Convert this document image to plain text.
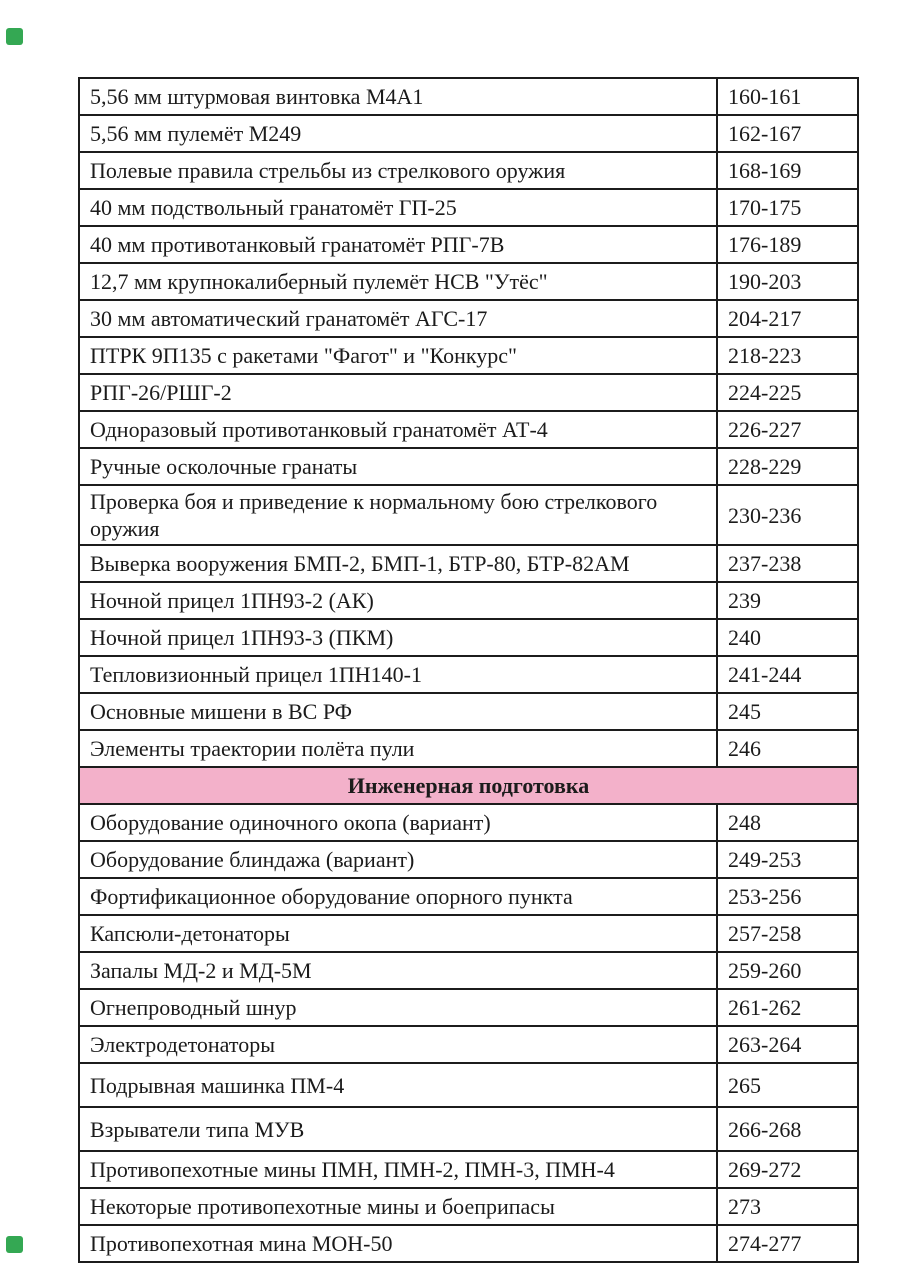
5,56 мм штурмовая винтовка M4A1	160-161
5,56 мм пулемёт M249	162-167
Полевые правила стрельбы из стрелкового оружия	168-169
40 мм подствольный гранатомёт ГП-25	170-175
40 мм противотанковый гранатомёт РПГ-7В	176-189
12,7 мм крупнокалиберный пулемёт НСВ "Утёс"	190-203
30 мм автоматический гранатомёт АГС-17	204-217
ПТРК 9П135 с ракетами "Фагот" и "Конкурс"	218-223
РПГ-26/РШГ-2	224-225
Одноразовый противотанковый гранатомёт АТ-4	226-227
Ручные осколочные гранаты	228-229
Проверка боя и приведение к нормальному бою стрелкового оружия	230-236
Выверка вооружения БМП-2, БМП-1, БТР-80, БТР-82АМ	237-238
Ночной прицел 1ПН93-2 (АК)	239
Ночной прицел 1ПН93-3 (ПКМ)	240
Тепловизионный прицел 1ПН140-1	241-244
Основные мишени в ВС РФ	245
Элементы траектории полёта пули	246
Инженерная подготовка	
Оборудование одиночного окопа (вариант)	248
Оборудование блиндажа (вариант)	249-253
Фортификационное оборудование опорного пункта	253-256
Капсюли-детонаторы	257-258
Запалы МД-2 и МД-5М	259-260
Огнепроводный шнур	261-262
Электродетонаторы	263-264
Подрывная машинка ПМ-4	265
Взрыватели типа МУВ	266-268
Противопехотные мины ПМН, ПМН-2, ПМН-3, ПМН-4	269-272
Некоторые противопехотные мины и боеприпасы	273
Противопехотная мина МОН-50	274-277
